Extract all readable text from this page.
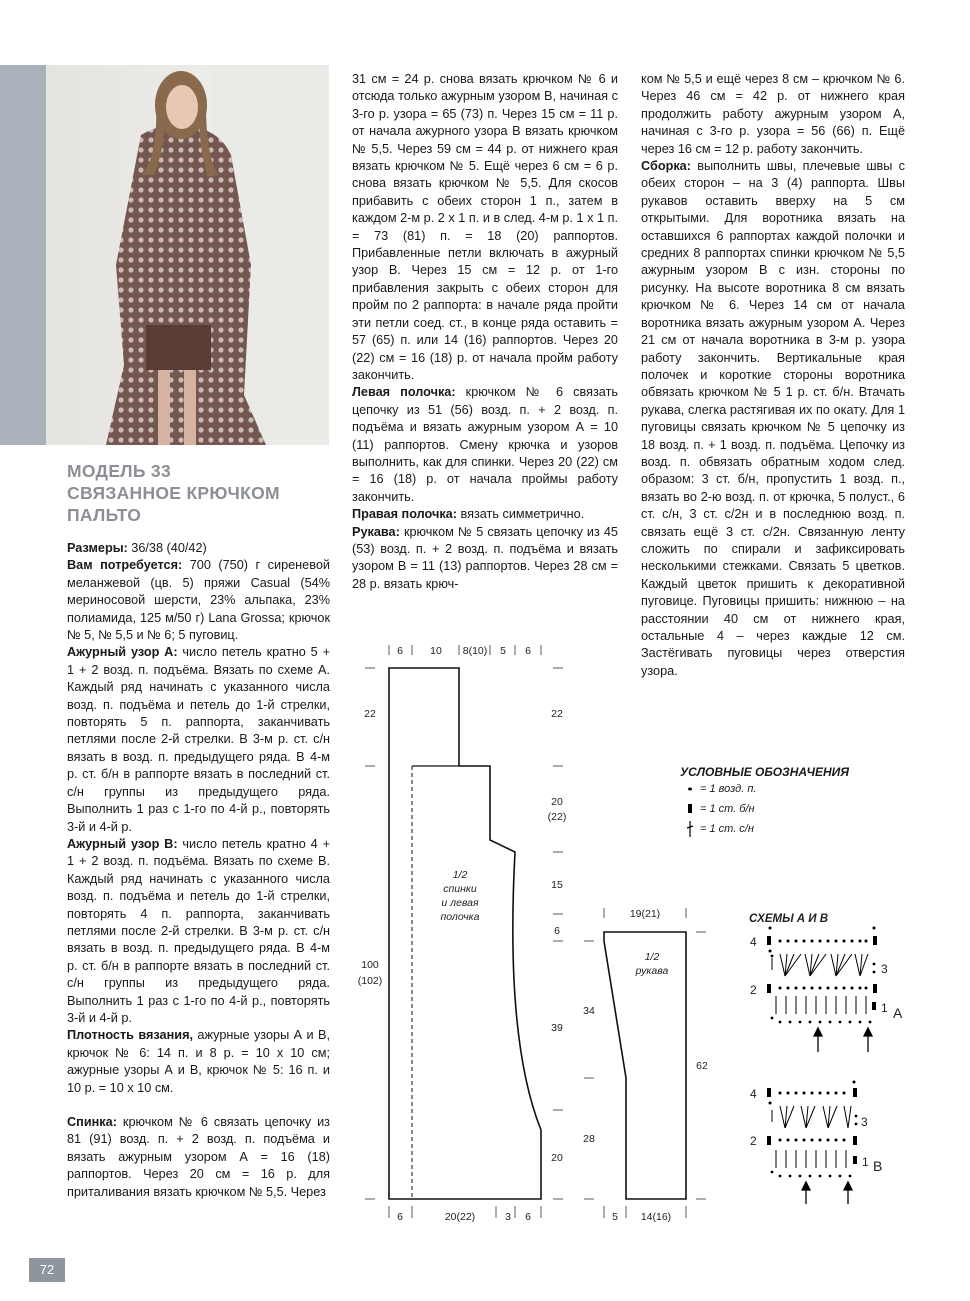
МОДЕЛЬ 33
СВЯЗАННОЕ КРЮЧКОМ
ПАЛЬТО

Размеры: 36/38 (40/42)

Вам потребуется: 700 (750) г сиреневой меланжевой (цв. 5) пряжи Casual (54% мериносовой шерсти, 23% альпака, 23% полиамида, 125 м/50 г) Lana Grossa; крючок № 5, № 5,5 и № 6; 5 пуговиц.

Ажурный узор А: число петель кратно 5 + 1 + 2 возд. п. подъёма. Вязать по схеме А. Каждый ряд начинать с указанного числа возд. п. подъёма и петель до 1-й стрелки, повторять 5 п. раппорта, заканчивать петлями после 2-й стрелки. В 3-м р. ст. с/н вязать в возд. п. предыдущего ряда. В 4-м р. ст. б/н в раппорте вязать в последний ст. с/н группы из предыдущего ряда. Выполнить 1 раз с 1-го по 4-й р., повторять 3-й и 4-й р.

Ажурный узор В: число петель кратно 4 + 1 + 2 возд. п. подъёма. Вязать по схеме В. Каждый ряд начинать с указанного числа возд. п. подъёма и петель до 1-й стрелки, повторять 4 п. раппорта, заканчивать петлями после 2-й стрелки. В 3-м р. ст. с/н вязать в возд. п. предыдущего ряда. В 4-м р. ст. б/н в раппорте вязать в последний ст. с/н группы из предыдущего ряда. Выполнить 1 раз с 1-го по 4-й р., повторять 3-й и 4-й р.

Плотность вязания, ажурные узоры А и В, крючок № 6: 14 п. и 8 р. = 10 х 10 см; ажурные узоры А и В, крючок № 5: 16 п. и 10 р. = 10 х 10 см.

Спинка: крючком № 6 связать цепочку из 81 (91) возд. п. + 2 возд. п. подъёма и вязать ажурным узором А = 16 (18) раппортов. Через 20 см = 16 р. для приталивания вязать крючком № 5,5. Через

31 см = 24 р. снова вязать крючком № 6 и отсюда только ажурным узором В, начиная с 3-го р. узора = 65 (73) п. Через 15 см = 11 р. от начала ажурного узора В вязать крючком № 5,5. Через 59 см = 44 р. от нижнего края вязать крючком № 5. Ещё через 6 см = 6 р. снова вязать крючком № 5,5. Для скосов прибавить с обеих сторон 1 п., затем в каждом 2-м р. 2 х 1 п. и в след. 4-м р. 1 х 1 п. = 73 (81) п. = 18 (20) раппортов. Прибавленные петли включать в ажурный узор В. Через 15 см = 12 р. от 1-го прибавления закрыть с обеих сторон для пройм по 2 раппорта: в начале ряда пройти эти петли соед. ст., в конце ряда оставить = 57 (65) п. или 14 (16) раппортов. Через 20 (22) см = 16 (18) р. от начала пройм работу закончить.

Левая полочка: крючком № 6 связать цепочку из 51 (56) возд. п. + 2 возд. п. подъёма и вязать ажурным узором А = 10 (11) раппортов. Смену крючка и узоров выполнить, как для спинки. Через 20 (22) см = 16 (18) р. от начала проймы работу закончить.

Правая полочка: вязать симметрично.

Рукава: крючком № 5 связать цепочку из 45 (53) возд. п. + 2 возд. п. подъёма и вязать узором В = 11 (13) раппортов. Через 28 см = 28 р. вязать крюч-

ком № 5,5 и ещё через 8 см – крючком № 6. Через 46 см = 42 р. от нижнего края продолжить работу ажурным узором А, начиная с 3-го р. узора = 56 (66) п. Ещё через 16 см = 12 р. работу закончить.

Сборка: выполнить швы, плечевые швы с обеих сторон – на 3 (4) раппорта. Швы рукавов оставить вверху на 5 см открытыми. Для воротника вязать на оставшихся 6 раппортах каждой полочки и средних 8 раппортах спинки крючком № 5,5 ажурным узором В с изн. стороны по рисунку. На высоте воротника 8 см вязать крючком № 6. Через 14 см от начала воротника вязать ажурным узором А. Через 21 см от начала воротника в 3-м р. узора работу закончить. Вертикальные края полочек и короткие стороны воротника обвязать крючком № 5 1 р. ст. б/н. Втачать рукава, слегка растягивая их по окату. Для 1 пуговицы связать крючком № 5 цепочку из 18 возд. п. + 1 возд. п. подъёма. Цепочку из возд. п. обвязать обратным ходом след. образом: 3 ст. б/н, пропустить 1 возд. п., вязать во 2-ю возд. п. от крючка, 5 полуст., 6 ст. с/н, 3 ст. с/2н и в последнюю возд. п. связать ещё 3 ст. с/2н. Связанную ленту сложить по спирали и зафиксировать несколькими стежками. Связать 5 цветков. Каждый цветок пришить к декоративной пуговице. Пуговицы пришить: нижнюю – на расстоянии 40 см от нижнего края, остальные 4 – через каждые 12 см. Застёгивать пуговицы через отверстия узора.

УСЛОВНЫЕ ОБОЗНАЧЕНИЯ
= 1 возд. п.
= 1 ст. б/н
= 1 ст. с/н
6	10 8(10) 5 6
6	20(22)	3 6
22
100
(102)
22
20
(22)
15
6
39
20
1/2
спинки
и левая
полочка	19(21)
5 14(16)
34
28
62
1/2
рукава
СХЕМЫ А И В
4
2
3
1 A
4
2
3
1 B
72
